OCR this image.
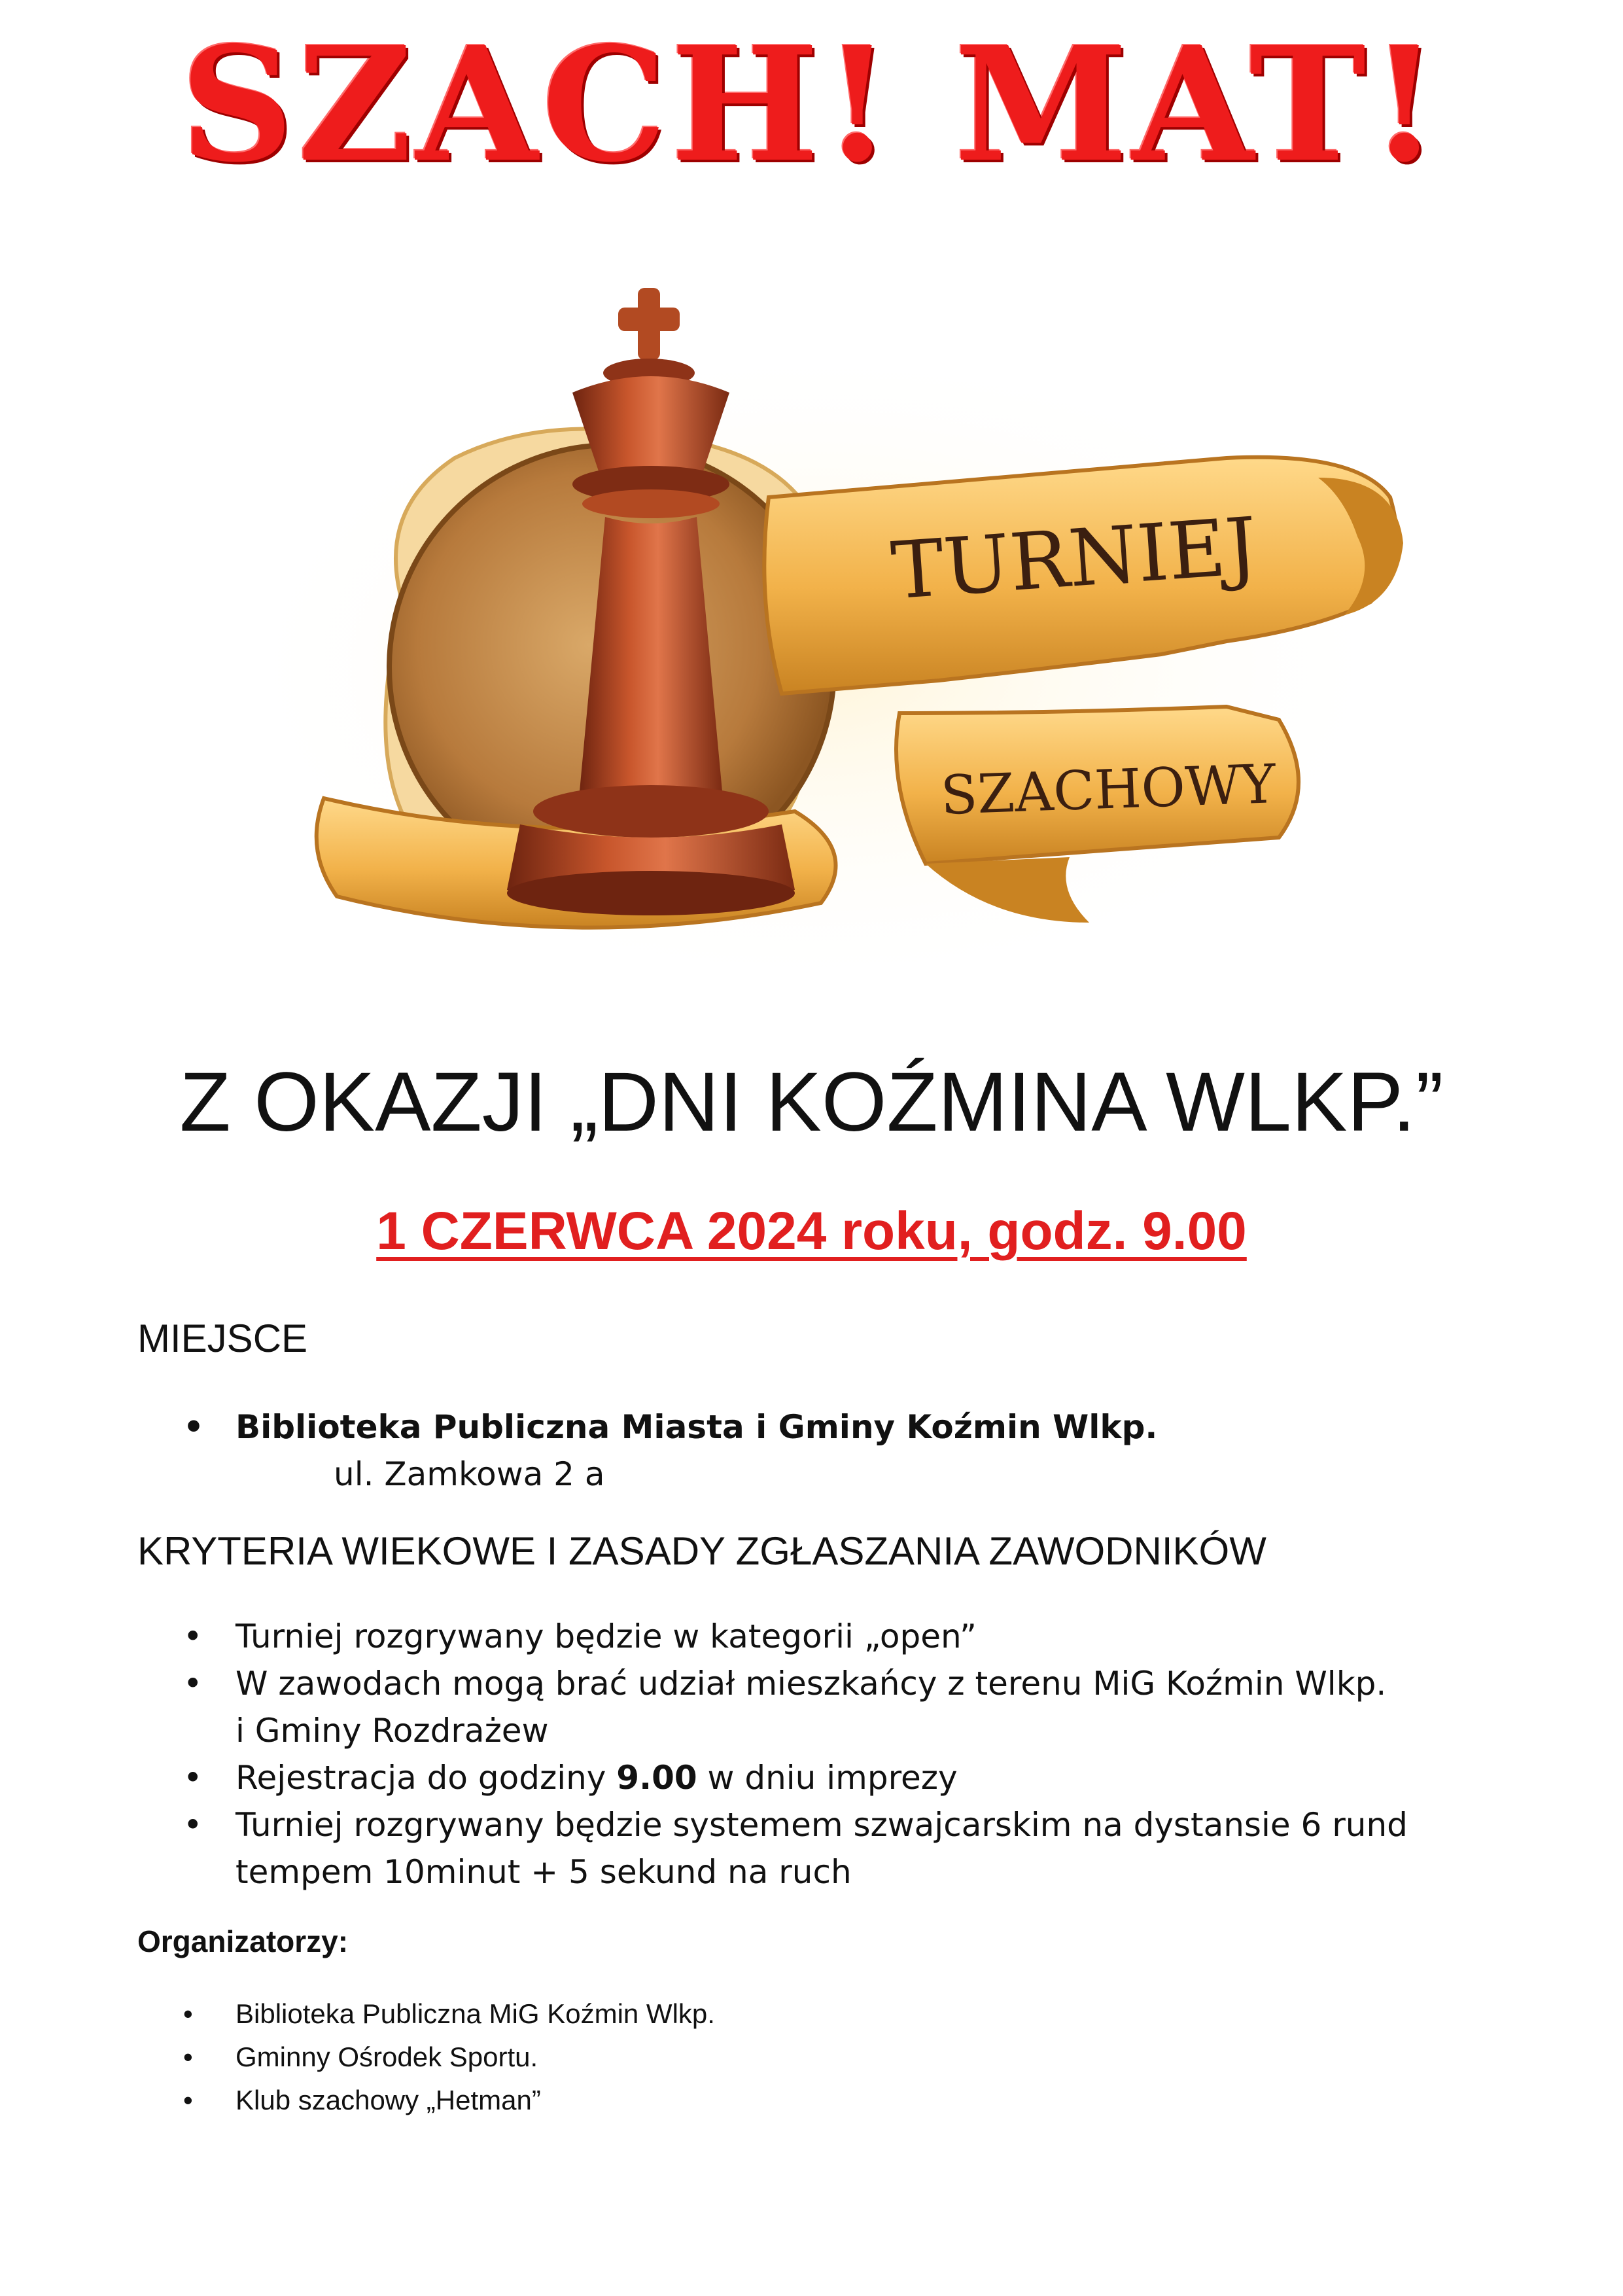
SZACH! MAT!
TURNIEJ
SZACHOWY
Z OKAZJI „DNI KOŹMINA WLKP.”
1 CZERWCA 2024 roku, godz. 9.00
MIEJSCE
• Biblioteka Publiczna Miasta i Gminy Koźmin Wlkp.
ul. Zamkowa 2 a
KRYTERIA WIEKOWE I ZASADY ZGŁASZANIA ZAWODNIKÓW
• Turniej rozgrywany będzie w kategorii „open”
• W zawodach mogą brać udział mieszkańcy z terenu MiG Koźmin Wlkp.
i Gminy Rozdrażew
• Rejestracja do godziny 9.00 w dniu imprezy
• Turniej rozgrywany będzie systemem szwajcarskim na dystansie 6 rund
tempem 10minut + 5 sekund na ruch
Organizatorzy:
• Biblioteka Publiczna MiG Koźmin Wlkp.
• Gminny Ośrodek Sportu.
• Klub szachowy „Hetman”
